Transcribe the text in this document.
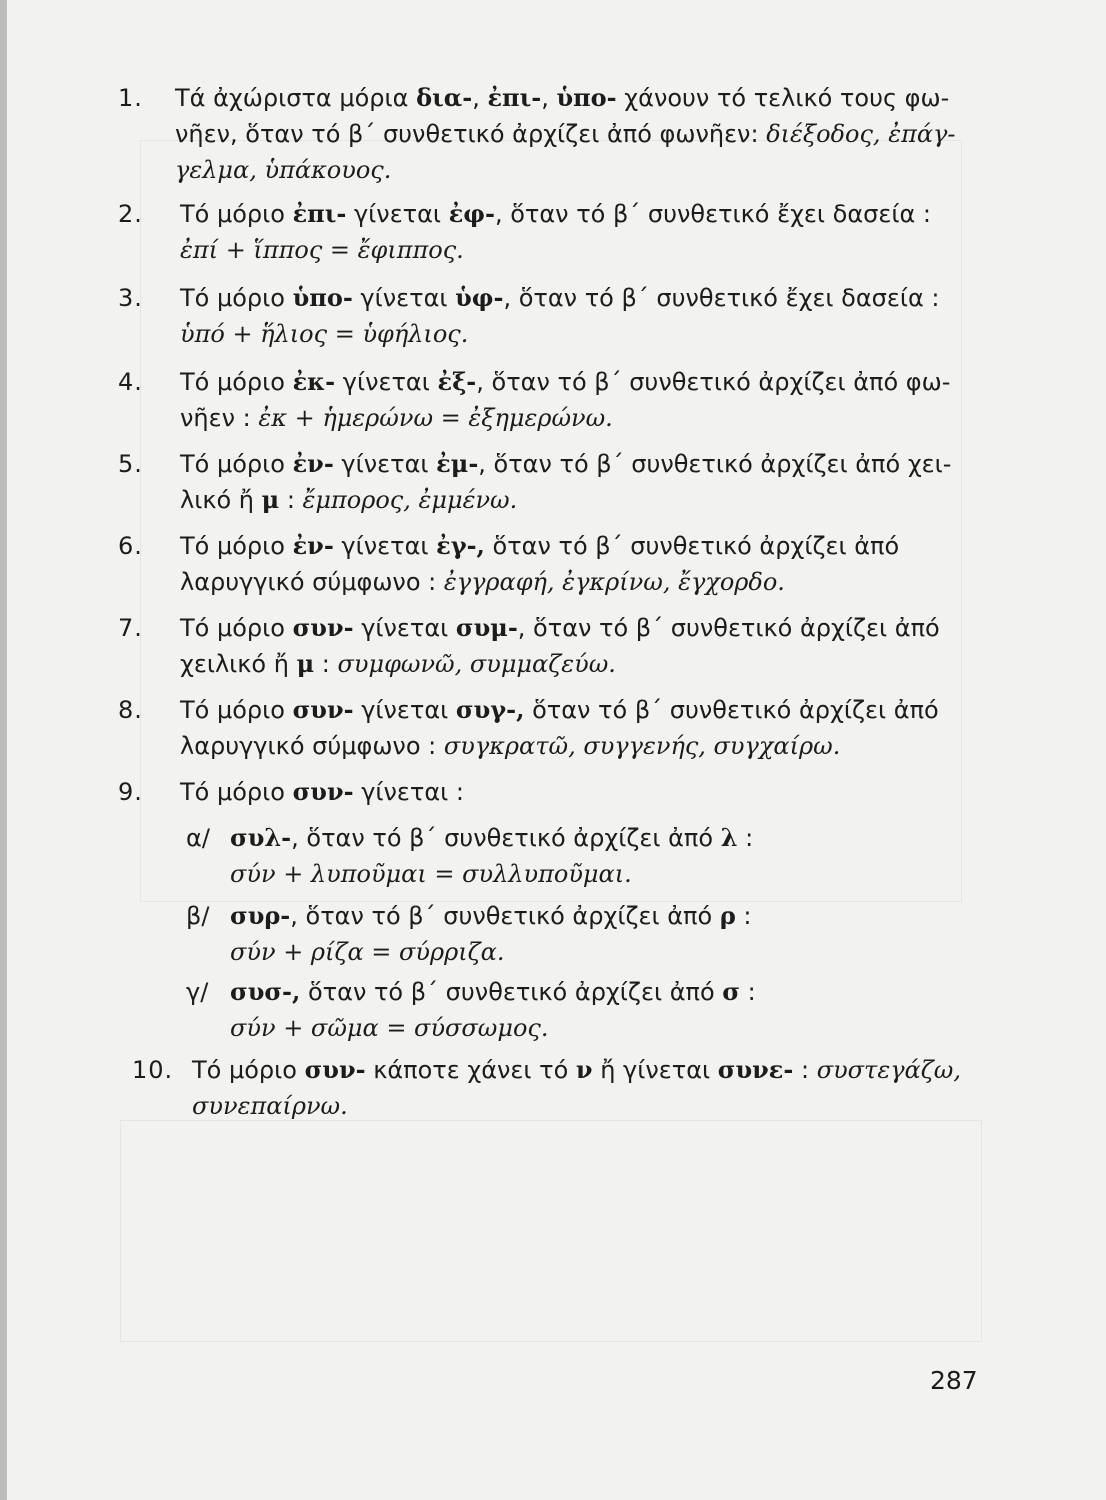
1. Τά ἀχώριστα μόρια δια-, ἐπι-, ὑπο- χάνουν τό τελικό τους φω-
νῆεν, ὅταν τό β΄ συνθετικό ἀρχίζει ἀπό φωνῆεν: διέξοδος, ἐπάγ-
γελμα, ὑπάκουος.
2. Τό μόριο ἐπι- γίνεται ἐφ-, ὅταν τό β΄ συνθετικό ἔχει δασεία :
ἐπί + ἵππος = ἔφιππος.
3. Τό μόριο ὑπο- γίνεται ὑφ-, ὅταν τό β΄ συνθετικό ἔχει δασεία :
ὑπό + ἥλιος = ὑφήλιος.
4. Τό μόριο ἐκ- γίνεται ἐξ-, ὅταν τό β΄ συνθετικό ἀρχίζει ἀπό φω-
νῆεν : ἐκ + ἡμερώνω = ἐξημερώνω.
5. Τό μόριο ἐν- γίνεται ἐμ-, ὅταν τό β΄ συνθετικό ἀρχίζει ἀπό χει-
λικό ἤ μ : ἔμπορος, ἐμμένω.
6. Τό μόριο ἐν- γίνεται ἐγ-, ὅταν τό β΄ συνθετικό ἀρχίζει ἀπό
λαρυγγικό σύμφωνο : ἐγγραφή, ἐγκρίνω, ἔγχορδο.
7. Τό μόριο συν- γίνεται συμ-, ὅταν τό β΄ συνθετικό ἀρχίζει ἀπό
χειλικό ἤ μ : συμφωνῶ, συμμαζεύω.
8. Τό μόριο συν- γίνεται συγ-, ὅταν τό β΄ συνθετικό ἀρχίζει ἀπό
λαρυγγικό σύμφωνο : συγκρατῶ, συγγενής, συγχαίρω.
9. Τό μόριο συν- γίνεται :
α/ συλ-, ὅταν τό β΄ συνθετικό ἀρχίζει ἀπό λ :
σύν + λυποῦμαι = συλλυποῦμαι.
β/ συρ-, ὅταν τό β΄ συνθετικό ἀρχίζει ἀπό ρ :
σύν + ρίζα = σύρριζα.
γ/ συσ-, ὅταν τό β΄ συνθετικό ἀρχίζει ἀπό σ :
σύν + σῶμα = σύσσωμος.
10. Τό μόριο συν- κάποτε χάνει τό ν ἤ γίνεται συνε- : συστεγάζω,
συνεπαίρνω.
287
